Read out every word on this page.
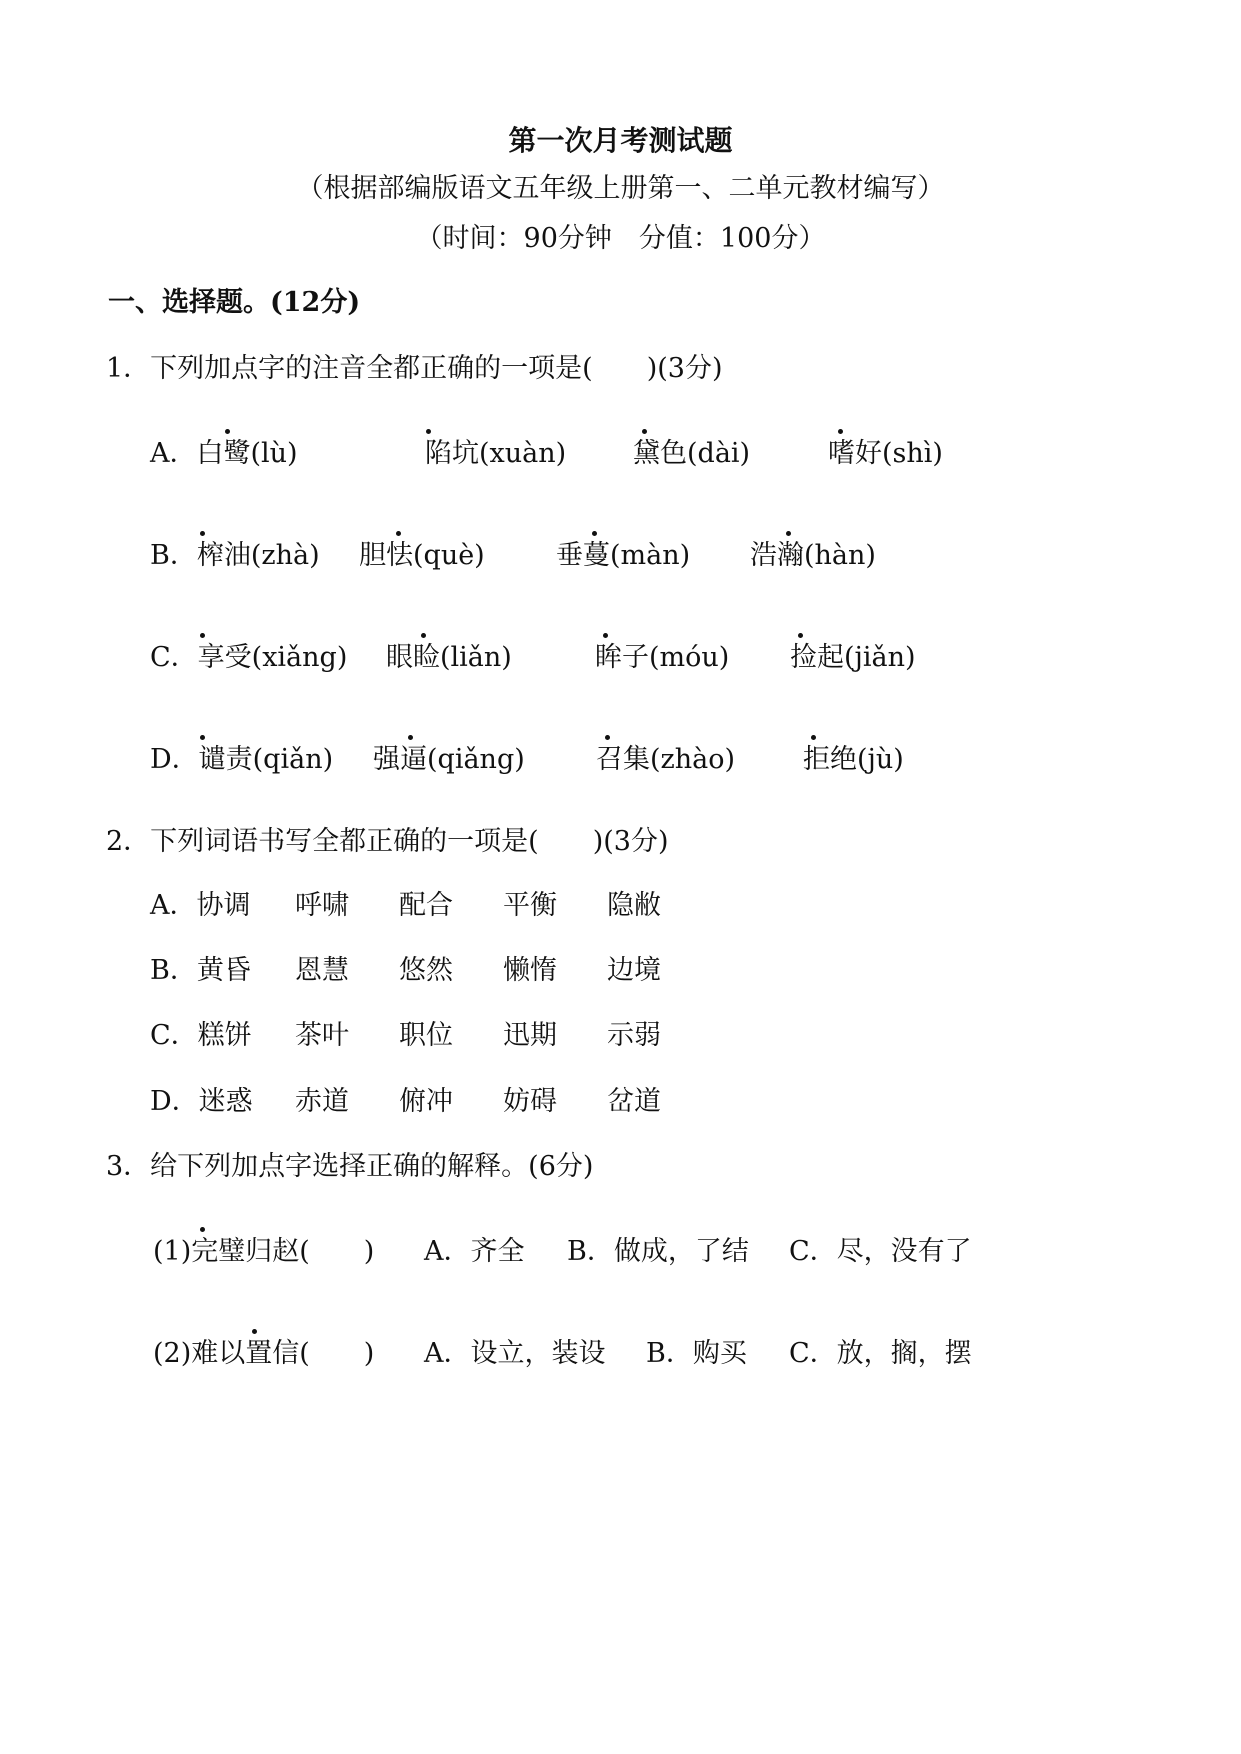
第一次月考测试题
（根据部编版语文五年级上册第一、二单元教材编写）
（时间：90分钟　分值：100分）
一、选择题。(12分)
1．下列加点字的注音全都正确的一项是(　　)(3分)
A．白鹭(lù)	陷坑(xuàn) 黛色(dài)	嗜好(shì)
B．榨油(zhà) 胆怯(què)	垂蔓(màn) 浩瀚(hàn)
C．享受(xiǎng) 眼睑(liǎn)	眸子(móu) 捡起(jiǎn)
D．谴责(qiǎn) 强逼(qiǎng)	召集(zhào)	拒绝(jù)
2．下列词语书写全都正确的一项是(　　)(3分)
A．协调 呼啸 配合 平衡 隐敝
B．黄昏 恩慧 悠然 懒惰 边境
C．糕饼 茶叶 职位 迅期 示弱
D．迷惑 赤道 俯冲 妨碍 岔道
3．给下列加点字选择正确的解释。(6分)
(1)完璧归赵(　　) A．齐全 B．做成，了结 C．尽，没有了
(2)难以置信(　　) A．设立，装设 B．购买 C．放，搁，摆
